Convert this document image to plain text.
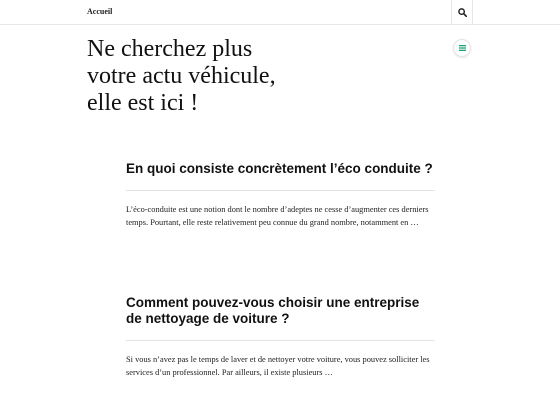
Accueil
Ne cherchez plus votre actu véhicule, elle est ici !
En quoi consiste concrètement l’éco conduite ?

L’éco-conduite est une notion dont le nombre d’adeptes ne cesse d’augmenter ces derniers temps. Pourtant, elle reste relativement peu connue du grand nombre, notamment en …

Comment pouvez-vous choisir une entreprise de nettoyage de voiture ?

Si vous n’avez pas le temps de laver et de nettoyer votre voiture, vous pouvez solliciter les services d’un professionnel. Par ailleurs, il existe plusieurs …
